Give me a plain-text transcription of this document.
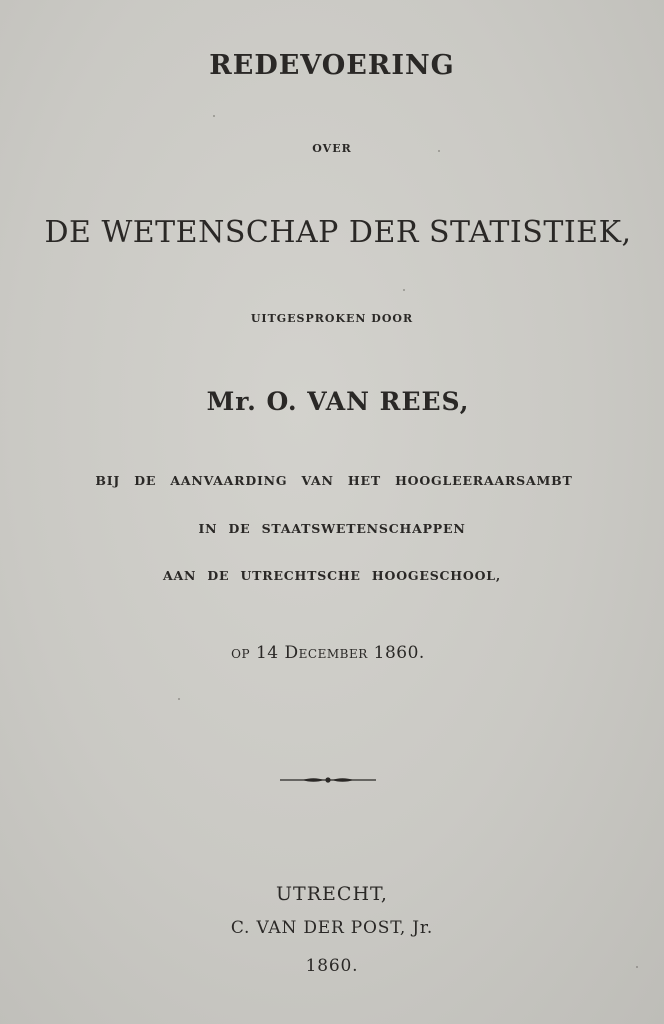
REDEVOERING
OVER
DE WETENSCHAP DER STATISTIEK,
UITGESPROKEN DOOR
Mr. O. VAN REES,
BIJ DE AANVAARDING VAN HET HOOGLEERAARSAMBT
IN DE STAATSWETENSCHAPPEN
AAN DE UTRECHTSCHE HOOGESCHOOL,
op 14 December 1860.
UTRECHT,
C. VAN DER POST, Jr.
1860.
